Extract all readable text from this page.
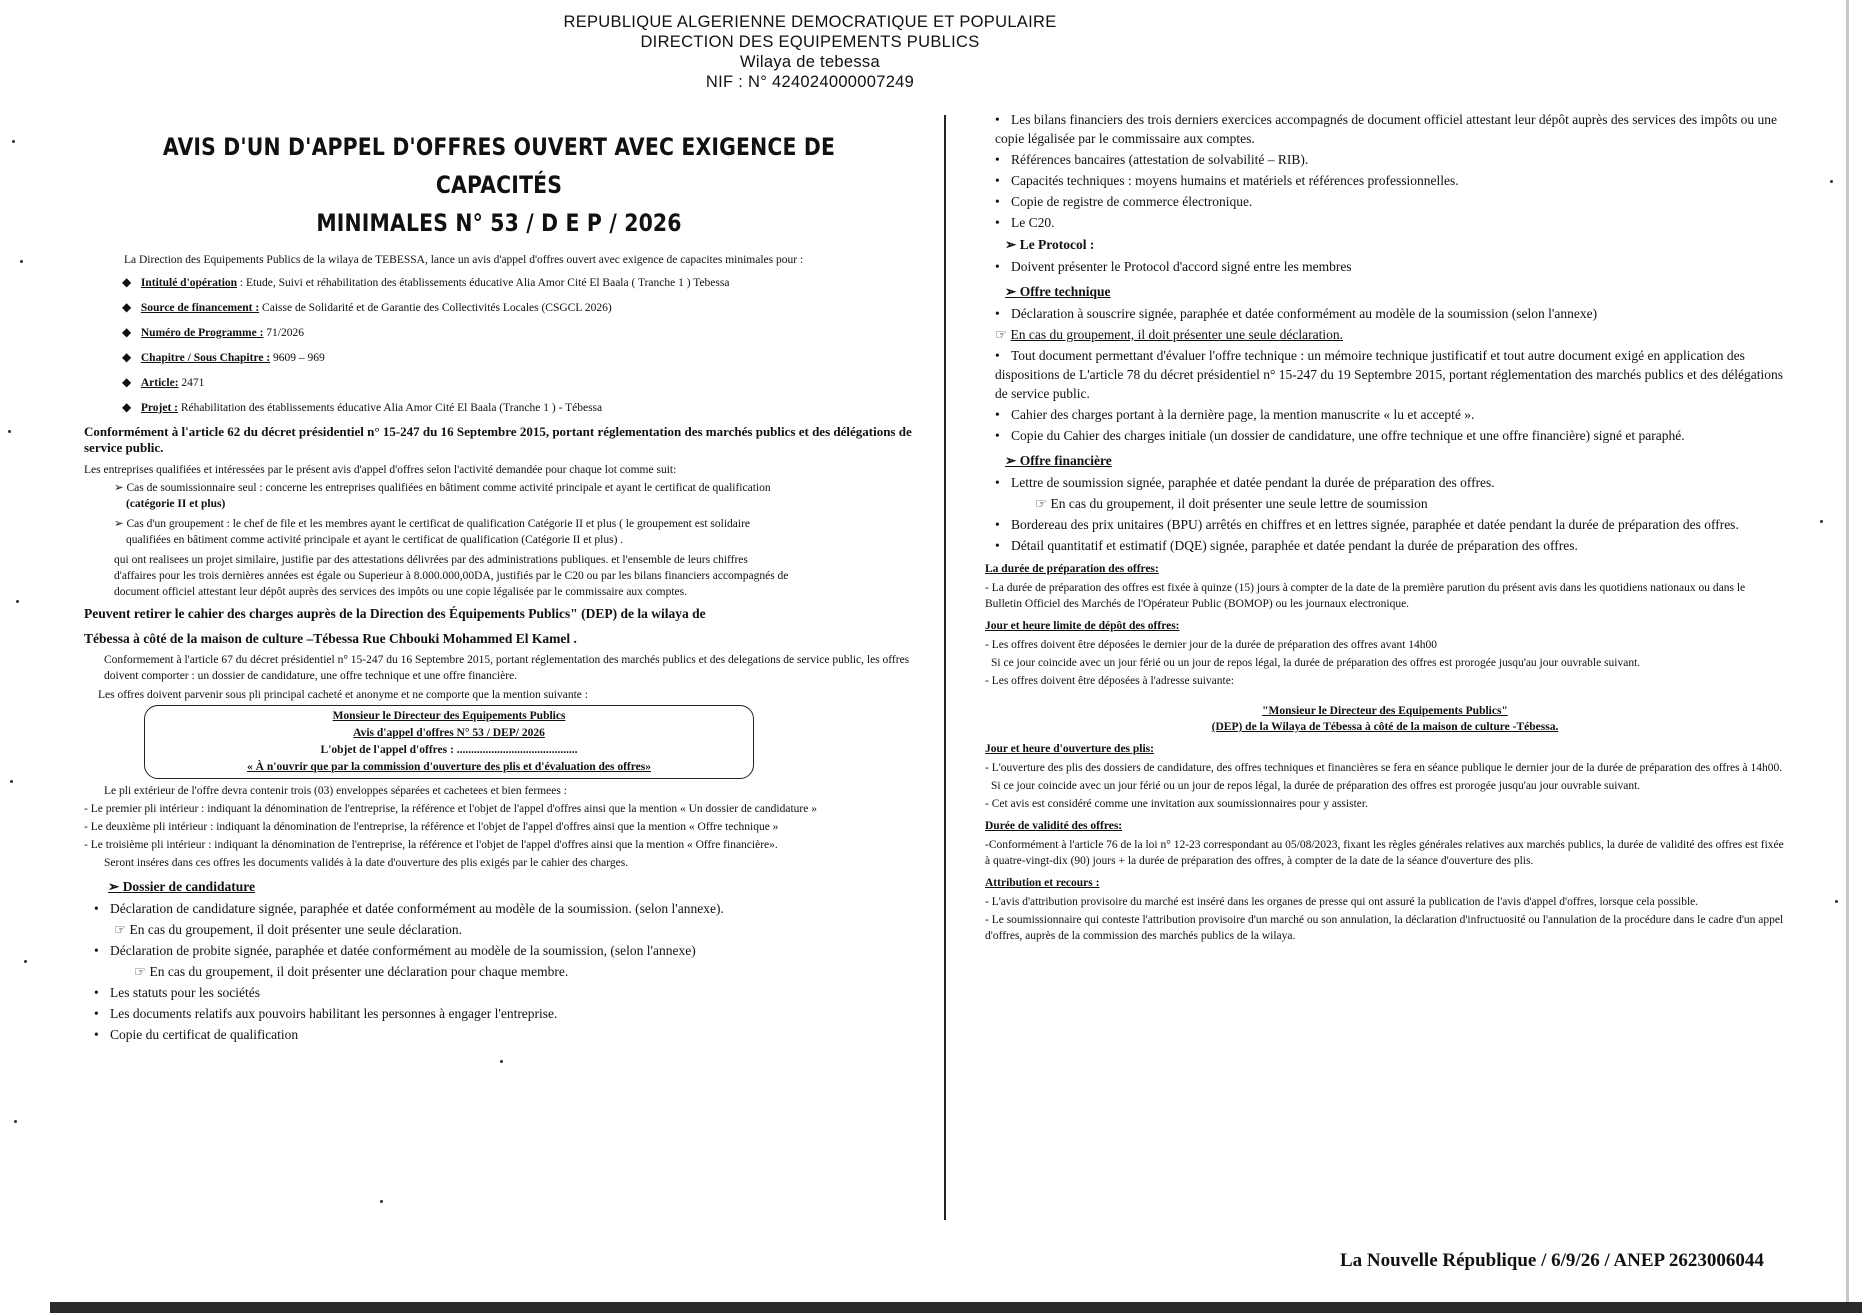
REPUBLIQUE ALGERIENNE DEMOCRATIQUE ET POPULAIRE
DIRECTION DES EQUIPEMENTS PUBLICS
Wilaya de tebessa
NIF : N° 424024000007249
AVIS D'UN D'APPEL D'OFFRES OUVERT AVEC EXIGENCE DE CAPACITÉS
MINIMALES N° 53 / D E P / 2026
La Direction des Equipements Publics de la wilaya de TEBESSA, lance un avis d'appel d'offres ouvert avec exigence de capacites minimales pour :
◆ Intitulé d'opération : Etude, Suivi et réhabilitation des établissements éducative Alia Amor Cité El Baala ( Tranche 1 ) Tebessa
◆ Source de financement : Caisse de Solidarité et de Garantie des Collectivités Locales (CSGCL 2026)
◆ Numéro de Programme : 71/2026
◆ Chapitre / Sous Chapitre : 9609 – 969
◆ Article: 2471
◆ Projet : Réhabilitation des établissements éducative Alia Amor Cité El Baala (Tranche 1 ) - Tébessa
Conformément à l'article 62 du décret présidentiel n° 15-247 du 16 Septembre 2015, portant réglementation des marchés publics et des délégations de service public.
Les entreprises qualifiées et intéressées par le présent avis d'appel d'offres selon l'activité demandée pour chaque lot comme suit:
➢ Cas de soumissionnaire seul : concerne les entreprises qualifiées en bâtiment comme activité principale et ayant le certificat de qualification
(catégorie II et plus)
➢ Cas d'un groupement : le chef de file et les membres ayant le certificat de qualification Catégorie II et plus ( le groupement est solidaire
qualifiées en bâtiment comme activité principale et ayant le certificat de qualification (Catégorie II et plus) .
qui ont realisees un projet similaire, justifie par des attestations délivrées par des administrations publiques. et l'ensemble de leurs chiffres
d'affaires pour les trois dernières années est égale ou Superieur à 8.000.000,00DA, justifiés par le C20 ou par les bilans financiers accompagnés de
document officiel attestant leur dépôt auprès des services des impôts ou une copie légalisée par le commissaire aux comptes.
Peuvent retirer le cahier des charges auprès de la Direction des Équipements Publics" (DEP) de la wilaya de
Tébessa à côté de la maison de culture –Tébessa Rue Chbouki Mohammed El Kamel .
Conformement à l'article 67 du décret présidentiel n° 15-247 du 16 Septembre 2015, portant réglementation des marchés publics et des delegations de service public, les offres doivent comporter : un dossier de candidature, une offre technique et une offre financière.
Les offres doivent parvenir sous pli principal cacheté et anonyme et ne comporte que la mention suivante :
Monsieur le Directeur des Equipements Publics
Avis d'appel d'offres N° 53 / DEP/ 2026
L'objet de l'appel d'offres : ..........................................
« À n'ouvrir que par la commission d'ouverture des plis et d'évaluation des offres»
Le pli extérieur de l'offre devra contenir trois (03) enveloppes séparées et cachetees et bien fermees :
- Le premier pli intérieur : indiquant la dénomination de l'entreprise, la référence et l'objet de l'appel d'offres ainsi que la mention « Un dossier de candidature »
- Le deuxième pli intérieur : indiquant la dénomination de l'entreprise, la référence et l'objet de l'appel d'offres ainsi que la mention « Offre technique »
- Le troisième pli intérieur : indiquant la dénomination de l'entreprise, la référence et l'objet de l'appel d'offres ainsi que la mention « Offre financière».
Seront inséres dans ces offres les documents validés à la date d'ouverture des plis exigés par le cahier des charges.
➢ Dossier de candidature
• Déclaration de candidature signée, paraphée et datée conformément au modèle de la soumission. (selon l'annexe).
☞ En cas du groupement, il doit présenter une seule déclaration.
• Déclaration de probite signée, paraphée et datée conformément au modèle de la soumission, (selon l'annexe)
☞ En cas du groupement, il doit présenter une déclaration pour chaque membre.
• Les statuts pour les sociétés
• Les documents relatifs aux pouvoirs habilitant les personnes à engager l'entreprise.
• Copie du certificat de qualification
• Les bilans financiers des trois derniers exercices accompagnés de document officiel attestant leur dépôt auprès des services des impôts ou une copie légalisée par le commissaire aux comptes.
• Références bancaires (attestation de solvabilité – RIB).
• Capacités techniques : moyens humains et matériels et références professionnelles.
• Copie de registre de commerce électronique.
• Le C20.
➢ Le Protocol :
• Doivent présenter le Protocol d'accord signé entre les membres
➢ Offre technique
• Déclaration à souscrire signée, paraphée et datée conformément au modèle de la soumission (selon l'annexe)
☞ En cas du groupement, il doit présenter une seule déclaration.
• Tout document permettant d'évaluer l'offre technique : un mémoire technique justificatif et tout autre document exigé en application des dispositions de L'article 78 du décret présidentiel n° 15-247 du 19 Septembre 2015, portant réglementation des marchés publics et des délégations de service public.
• Cahier des charges portant à la dernière page, la mention manuscrite « lu et accepté ».
• Copie du Cahier des charges initiale (un dossier de candidature, une offre technique et une offre financière) signé et paraphé.
➢ Offre financière
• Lettre de soumission signée, paraphée et datée pendant la durée de préparation des offres.
☞ En cas du groupement, il doit présenter une seule lettre de soumission
• Bordereau des prix unitaires (BPU) arrêtés en chiffres et en lettres signée, paraphée et datée pendant la durée de préparation des offres.
• Détail quantitatif et estimatif (DQE) signée, paraphée et datée pendant la durée de préparation des offres.
La durée de préparation des offres:
- La durée de préparation des offres est fixée à quinze (15) jours à compter de la date de la première parution du présent avis dans les quotidiens nationaux ou dans le Bulletin Officiel des Marchés de l'Opérateur Public (BOMOP) ou les journaux electronique.
Jour et heure limite de dépôt des offres:
- Les offres doivent être déposées le dernier jour de la durée de préparation des offres avant 14h00
Si ce jour coincide avec un jour férié ou un jour de repos légal, la durée de préparation des offres est prorogée jusqu'au jour ouvrable suivant.
- Les offres doivent être déposées à l'adresse suivante:
"Monsieur le Directeur des Equipements Publics"
(DEP) de la Wilaya de Tébessa à côté de la maison de culture -Tébessa.
Jour et heure d'ouverture des plis:
- L'ouverture des plis des dossiers de candidature, des offres techniques et financières se fera en séance publique le dernier jour de la durée de préparation des offres à 14h00.
Si ce jour coincide avec un jour férié ou un jour de repos légal, la durée de préparation des offres est prorogée jusqu'au jour ouvrable suivant.
- Cet avis est considéré comme une invitation aux soumissionnaires pour y assister.
Durée de validité des offres:
-Conformément à l'article 76 de la loi n° 12-23 correspondant au 05/08/2023, fixant les règles générales relatives aux marchés publics, la durée de validité des offres est fixée à quatre-vingt-dix (90) jours + la durée de préparation des offres, à compter de la date de la séance d'ouverture des plis.
Attribution et recours :
- L'avis d'attribution provisoire du marché est inséré dans les organes de presse qui ont assuré la publication de l'avis d'appel d'offres, lorsque cela possible.
- Le soumissionnaire qui conteste l'attribution provisoire d'un marché ou son annulation, la déclaration d'infructuosité ou l'annulation de la procédure dans le cadre d'un appel d'offres, auprès de la commission des marchés publics de la wilaya.
La Nouvelle République / 6/9/26 / ANEP 2623006044
